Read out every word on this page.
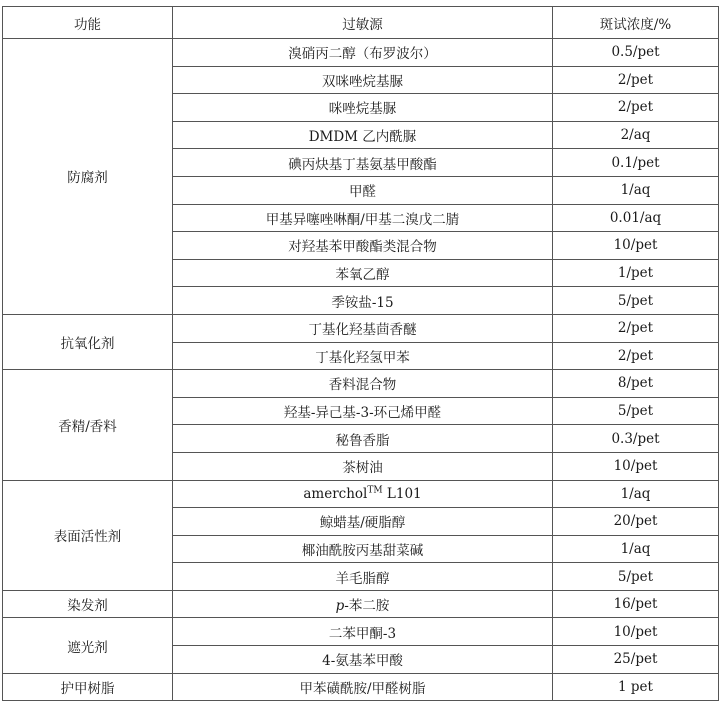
功能	过敏源	斑试浓度/%
防腐剂	溴硝丙二醇（布罗波尔）	0.5/pet
	双咪唑烷基脲	2/pet
	咪唑烷基脲	2/pet
	DMDM 乙内酰脲	2/aq
	碘丙炔基丁基氨基甲酸酯	0.1/pet
	甲醛	1/aq
	甲基异噻唑啉酮/甲基二溴戊二腈	0.01/aq
	对羟基苯甲酸酯类混合物	10/pet
	苯氧乙醇	1/pet
	季铵盐-15	5/pet
抗氧化剂	丁基化羟基茴香醚	2/pet
	丁基化羟氢甲苯	2/pet
香精/香料	香料混合物	8/pet
	羟基-异己基-3-环己烯甲醛	5/pet
	秘鲁香脂	0.3/pet
	茶树油	10/pet
表面活性剂	amerchol™ L101	1/aq
	鲸蜡基/硬脂醇	20/pet
	椰油酰胺丙基甜菜碱	1/aq
	羊毛脂醇	5/pet
染发剂	p-苯二胺	16/pet
遮光剂	二苯甲酮-3	10/pet
	4-氨基苯甲酸	25/pet
护甲树脂	甲苯磺酰胺/甲醛树脂	1 pet
